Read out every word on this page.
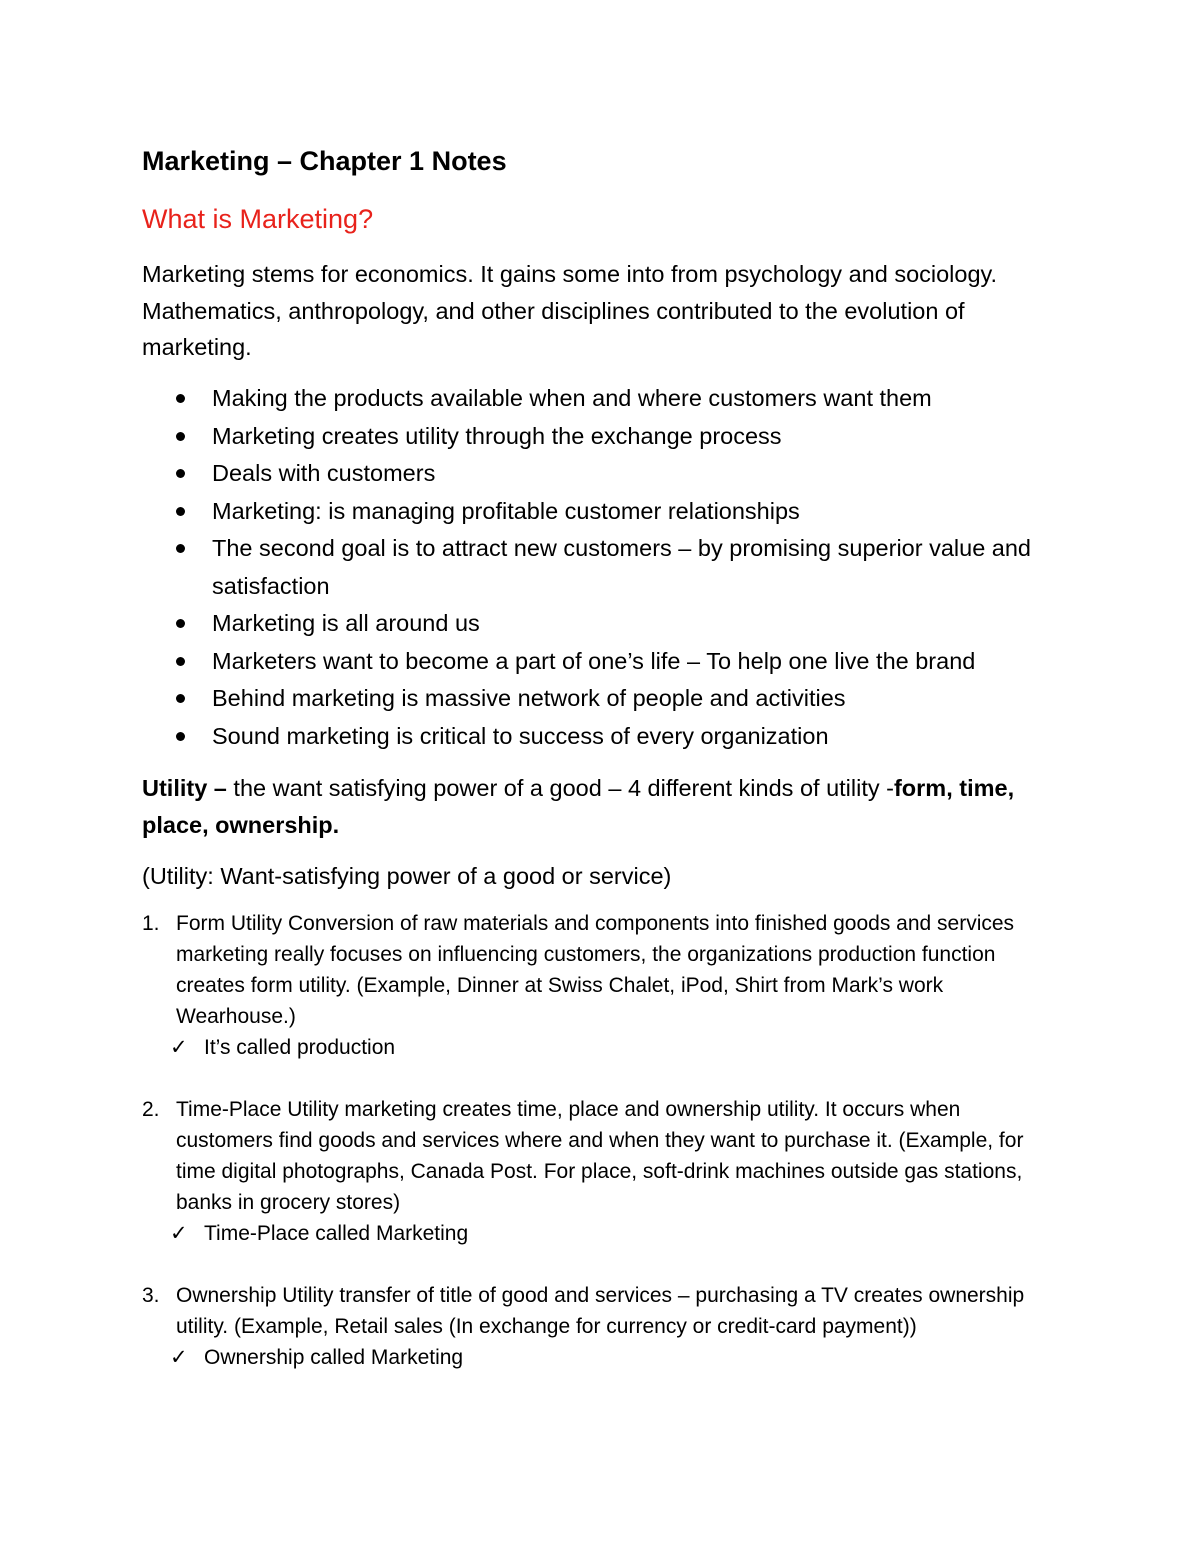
Marketing – Chapter 1 Notes
What is Marketing?
Marketing stems for economics. It gains some into from psychology and sociology. Mathematics, anthropology, and other disciplines contributed to the evolution of marketing.
Making the products available when and where customers want them
Marketing creates utility through the exchange process
Deals with customers
Marketing: is managing profitable customer relationships
The second goal is to attract new customers – by promising superior value and satisfaction
Marketing is all around us
Marketers want to become a part of one’s life – To help one live the brand
Behind marketing is massive network of people and activities
Sound marketing is critical to success of every organization
Utility – the want satisfying power of a good – 4 different kinds of utility -form, time, place, ownership.
(Utility: Want-satisfying power of a good or service)
1. Form Utility Conversion of raw materials and components into finished goods and services marketing really focuses on influencing customers, the organizations production function creates form utility. (Example, Dinner at Swiss Chalet, iPod, Shirt from Mark’s work Wearhouse.)
✓ It’s called production
2. Time-Place Utility marketing creates time, place and ownership utility. It occurs when customers find goods and services where and when they want to purchase it. (Example, for time digital photographs, Canada Post. For place, soft-drink machines outside gas stations, banks in grocery stores)
✓ Time-Place called Marketing
3. Ownership Utility transfer of title of good and services – purchasing a TV creates ownership utility. (Example, Retail sales (In exchange for currency or credit-card payment))
✓ Ownership called Marketing
